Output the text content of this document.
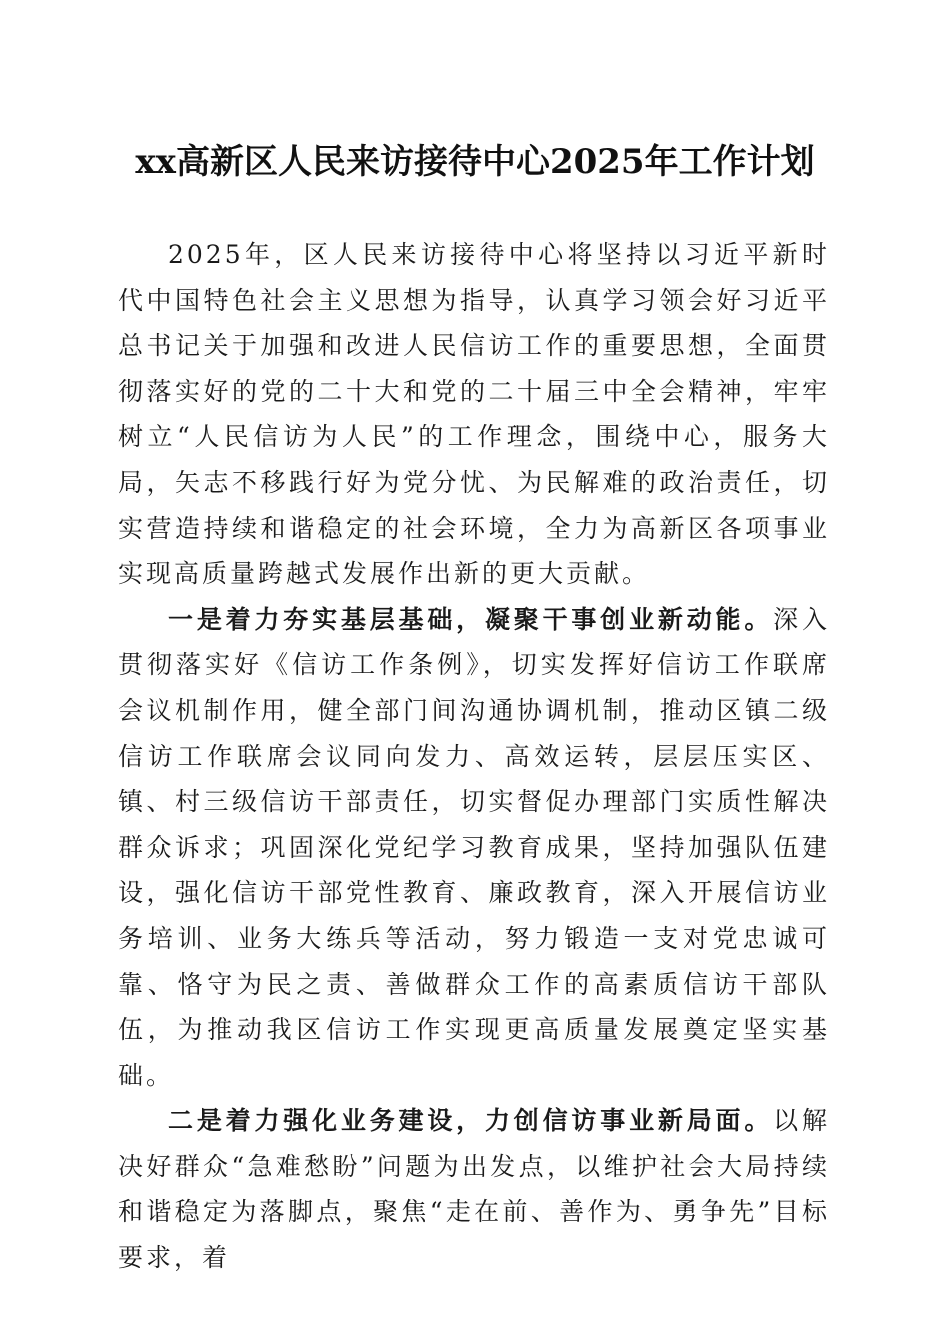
xx高新区人民来访接待中心2025年工作计划

2025年，区人民来访接待中心将坚持以习近平新时代中国特色社会主义思想为指导，认真学习领会好习近平总书记关于加强和改进人民信访工作的重要思想，全面贯彻落实好的党的二十大和党的二十届三中全会精神，牢牢树立“人民信访为人民”的工作理念，围绕中心，服务大局，矢志不移践行好为党分忧、为民解难的政治责任，切实营造持续和谐稳定的社会环境，全力为高新区各项事业实现高质量跨越式发展作出新的更大贡献。

一是着力夯实基层基础，凝聚干事创业新动能。深入贯彻落实好《信访工作条例》，切实发挥好信访工作联席会议机制作用，健全部门间沟通协调机制，推动区镇二级信访工作联席会议同向发力、高效运转，层层压实区、镇、村三级信访干部责任，切实督促办理部门实质性解决群众诉求；巩固深化党纪学习教育成果，坚持加强队伍建设，强化信访干部党性教育、廉政教育，深入开展信访业务培训、业务大练兵等活动，努力锻造一支对党忠诚可靠、恪守为民之责、善做群众工作的高素质信访干部队伍，为推动我区信访工作实现更高质量发展奠定坚实基础。

二是着力强化业务建设，力创信访事业新局面。以解决好群众“急难愁盼”问题为出发点，以维护社会大局持续和谐稳定为落脚点，聚焦“走在前、善作为、勇争先”目标要求，着
